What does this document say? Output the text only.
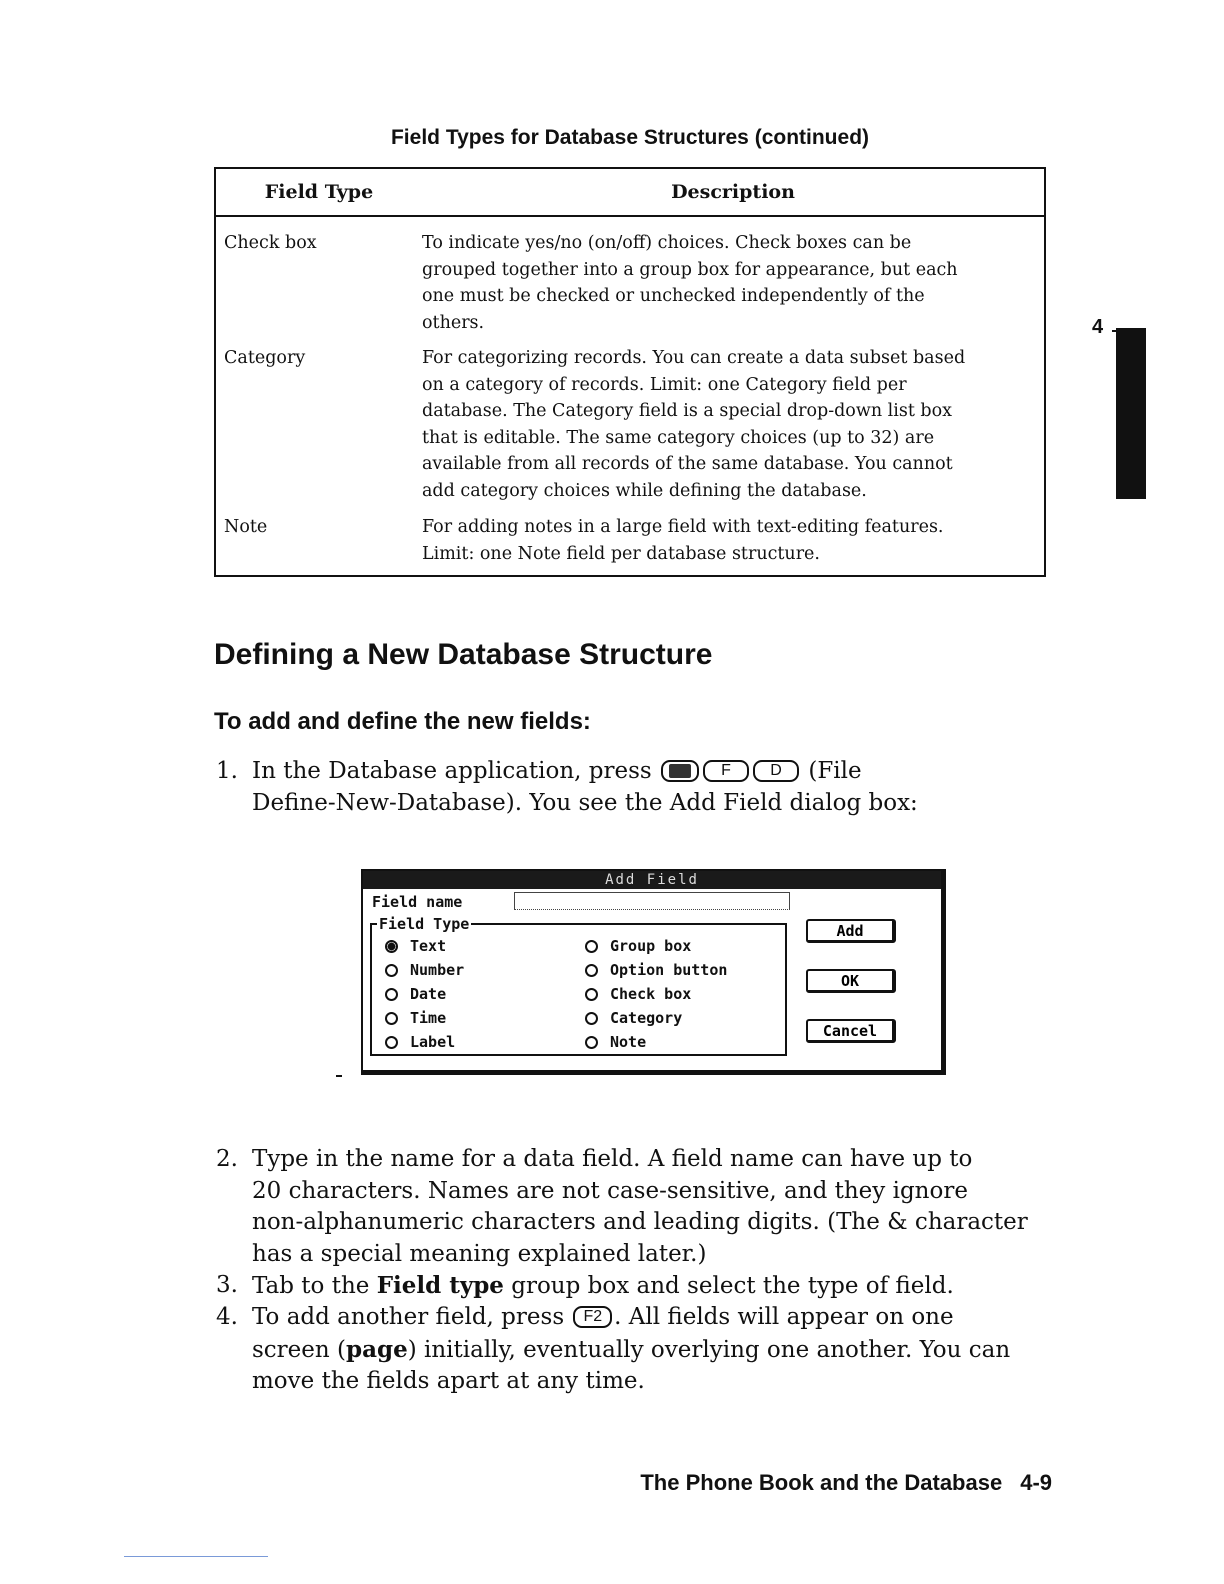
Field Types for Database Structures (continued)
Field Type	Description
Check box	To indicate yes/no (on/off) choices. Check boxes can be
grouped together into a group box for appearance, but each
one must be checked or unchecked independently of the
others.
Category	For categorizing records. You can create a data subset based
on a category of records. Limit: one Category field per
database. The Category field is a special drop-down list box
that is editable. The same category choices (up to 32) are
available from all records of the same database. You cannot
add category choices while defining the database.
Note	For adding notes in a large field with text-editing features.
Limit: one Note field per database structure.
4
Defining a New Database Structure
To add and define the new fields:
1. In the Database application, press	F D (File
Define-New-Database). You see the Add Field dialog box:
Add Field
Field name
Field Type
Text
Number
Date
Time
Label
Group box
Option button
Check box
Category
Note
Add
OK
Cancel
2. Type in the name for a data field. A field name can have up to
20 characters. Names are not case-sensitive, and they ignore
non-alphanumeric characters and leading digits. (The & character
has a special meaning explained later.)
3. Tab to the Field type group box and select the type of field.
4. To add another field, press F2 . All fields will appear on one
screen (page) initially, eventually overlying one another. You can
move the fields apart at any time.
The Phone Book and the Database 4-9
